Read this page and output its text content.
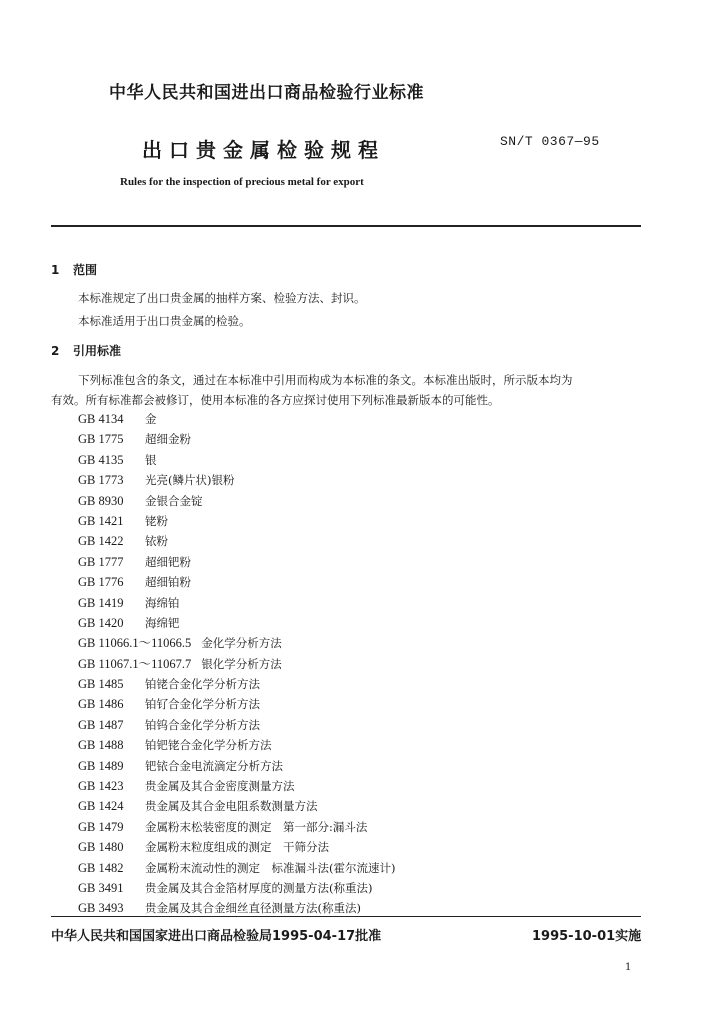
中华人民共和国进出口商品检验行业标准
出口贵金属检验规程	SN/T 0367—95
Rules for the inspection of precious metal for export
1 范围
本标准规定了出口贵金属的抽样方案、检验方法、封识。
本标准适用于出口贵金属的检验。
2 引用标准
下列标准包含的条文，通过在本标准中引用而构成为本标准的条文。本标准出版时，所示版本均为
有效。所有标准都会被修订，使用本标准的各方应探讨使用下列标准最新版本的可能性。
GB 4134 金
GB 1775 超细金粉
GB 4135 银
GB 1773 光亮(鳞片状)银粉
GB 8930 金银合金锭
GB 1421 铑粉
GB 1422 铱粉
GB 1777 超细钯粉
GB 1776 超细铂粉
GB 1419 海绵铂
GB 1420 海绵钯
GB 11066.1～11066.5 金化学分析方法
GB 11067.1～11067.7 银化学分析方法
GB 1485 铂铑合金化学分析方法
GB 1486 铂钌合金化学分析方法
GB 1487 铂钨合金化学分析方法
GB 1488 铂钯铑合金化学分析方法
GB 1489 钯铱合金电流滴定分析方法
GB 1423 贵金属及其合金密度测量方法
GB 1424 贵金属及其合金电阻系数测量方法
GB 1479 金属粉末松装密度的测定　第一部分:漏斗法
GB 1480 金属粉末粒度组成的测定　干筛分法
GB 1482 金属粉末流动性的测定　标准漏斗法(霍尔流速计)
GB 3491 贵金属及其合金箔材厚度的测量方法(称重法)
GB 3493 贵金属及其合金细丝直径测量方法(称重法)
中华人民共和国国家进出口商品检验局1995-04-17批准	1995-10-01实施
1
